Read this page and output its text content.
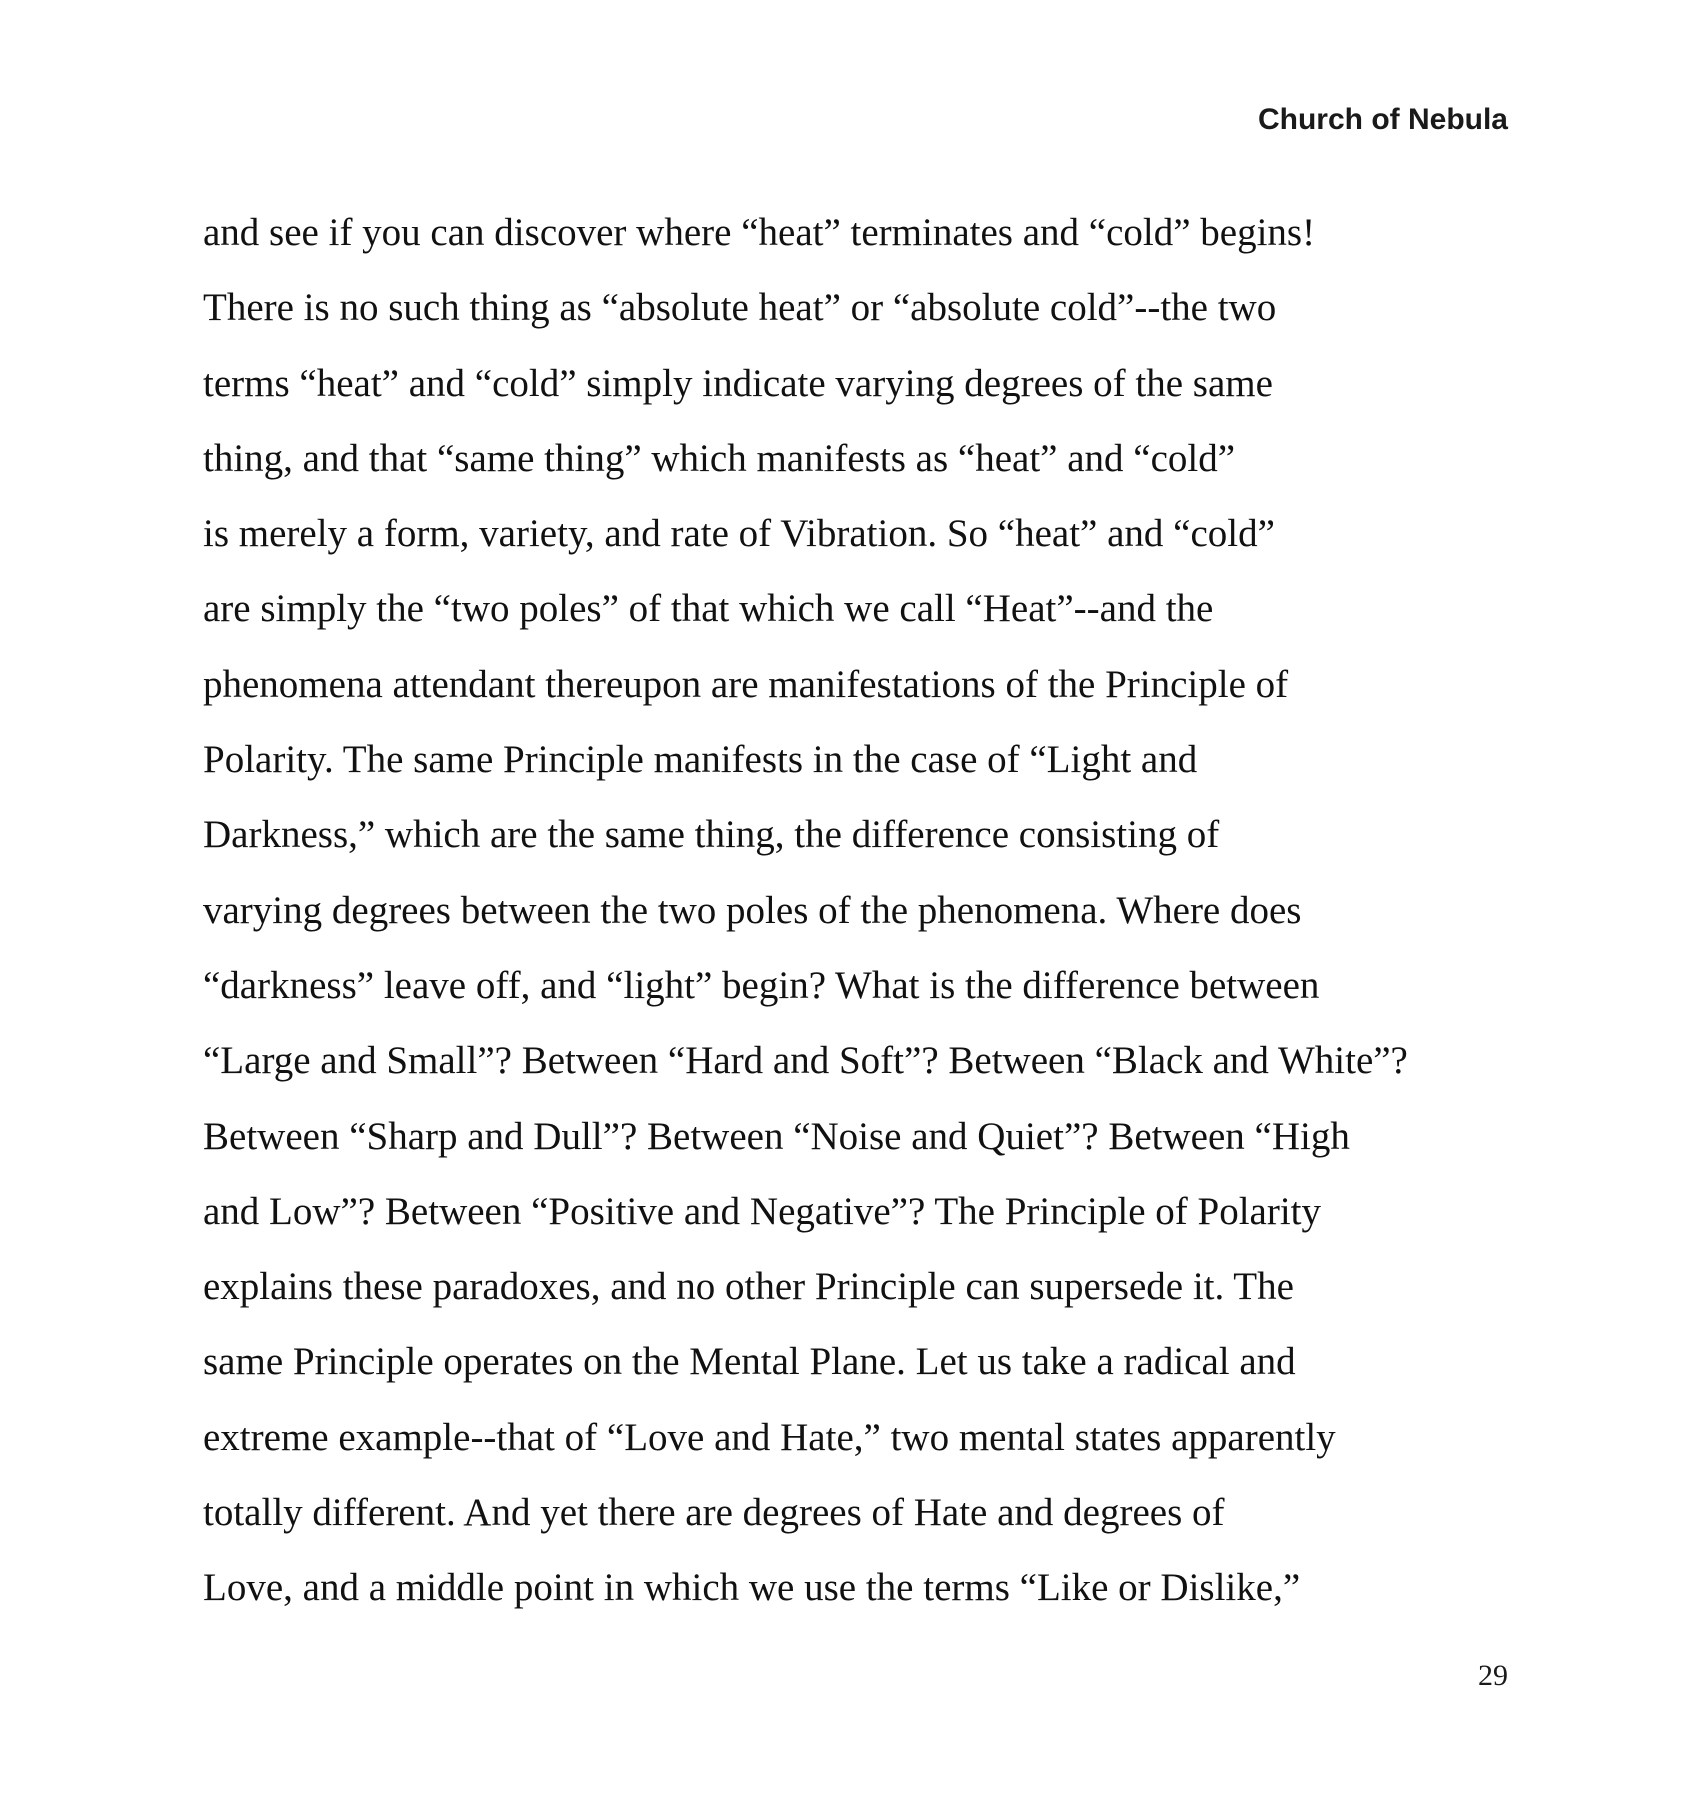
Church of Nebula
and see if you can discover where “heat” terminates and “cold” begins!
There is no such thing as “absolute heat” or “absolute cold”--the two
terms “heat” and “cold” simply indicate varying degrees of the same
thing, and that “same thing” which manifests as “heat” and “cold”
is merely a form, variety, and rate of Vibration. So “heat” and “cold”
are simply the “two poles” of that which we call “Heat”--and the
phenomena attendant thereupon are manifestations of the Principle of
Polarity. The same Principle manifests in the case of “Light and
Darkness,” which are the same thing, the difference consisting of
varying degrees between the two poles of the phenomena. Where does
“darkness” leave off, and “light” begin? What is the difference between
“Large and Small”? Between “Hard and Soft”? Between “Black and White”?
Between “Sharp and Dull”? Between “Noise and Quiet”? Between “High
and Low”? Between “Positive and Negative”? The Principle of Polarity
explains these paradoxes, and no other Principle can supersede it. The
same Principle operates on the Mental Plane. Let us take a radical and
extreme example--that of “Love and Hate,” two mental states apparently
totally different. And yet there are degrees of Hate and degrees of
Love, and a middle point in which we use the terms “Like or Dislike,”
29
